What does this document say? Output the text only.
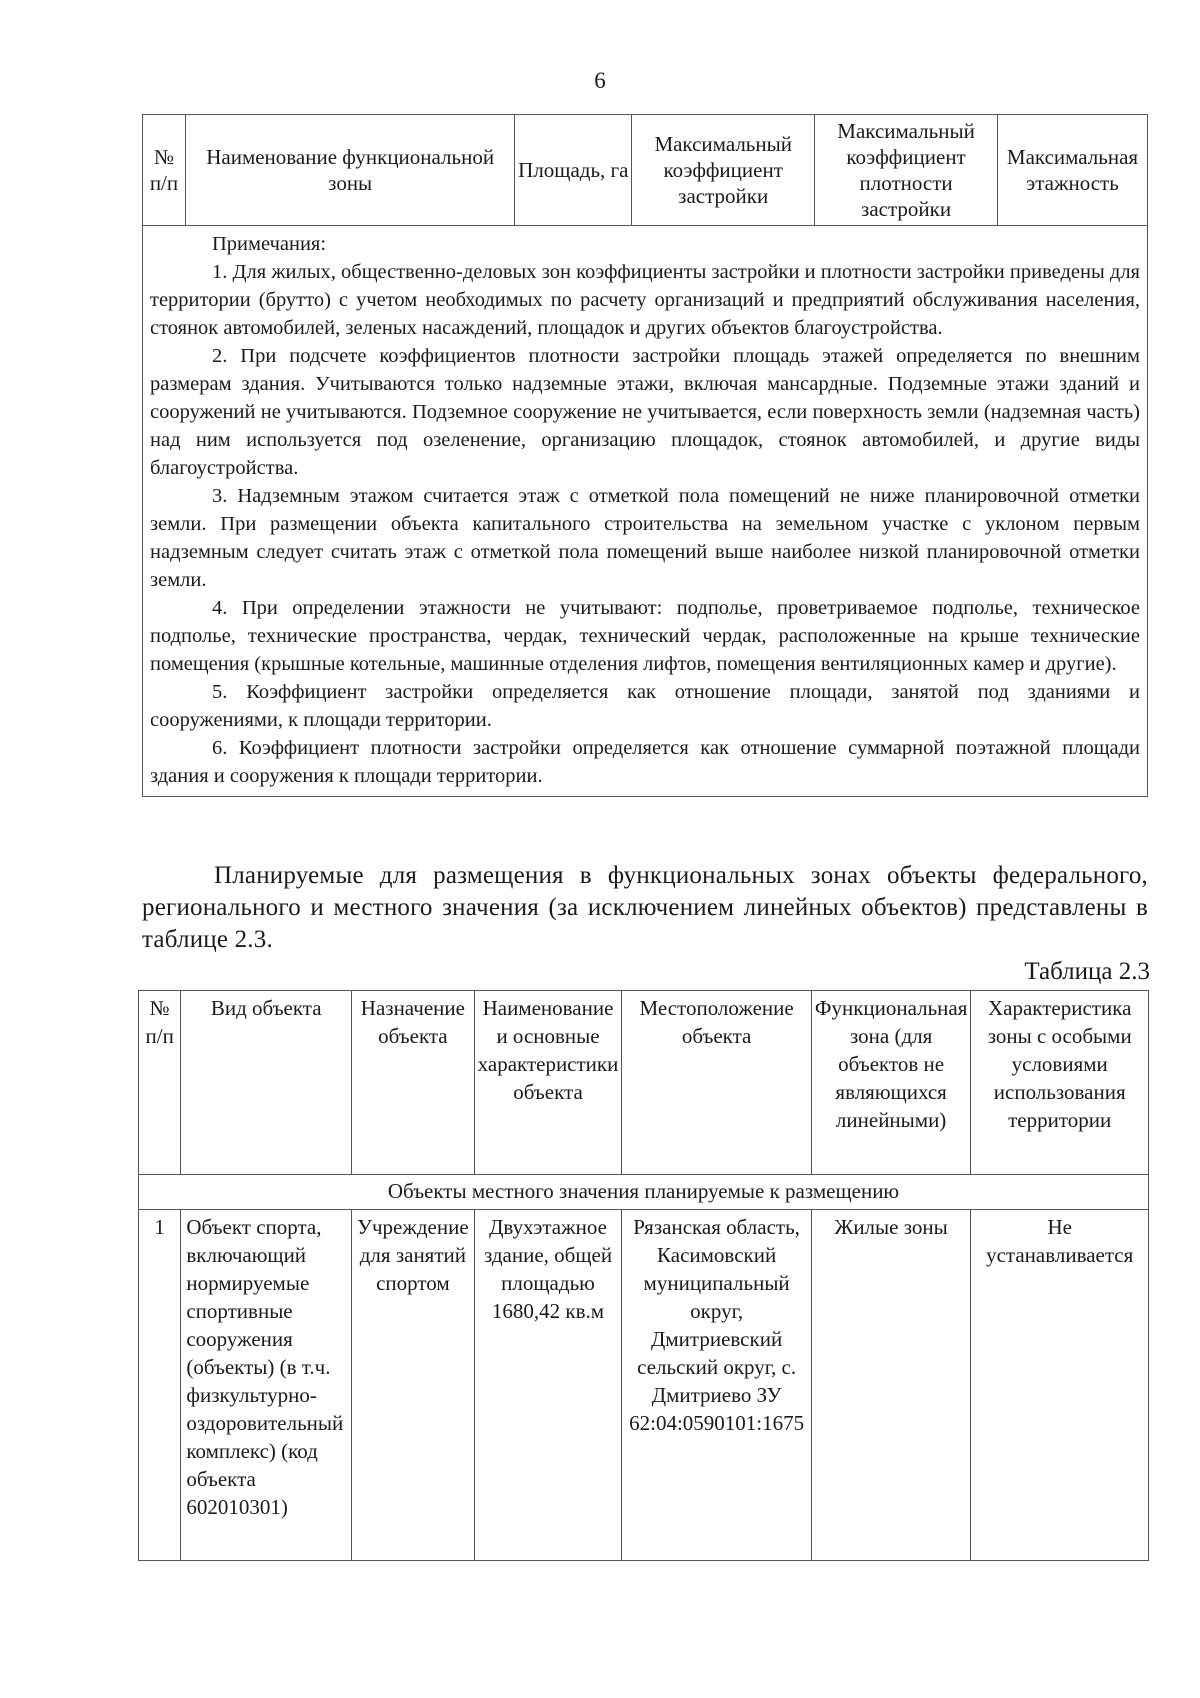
6
№ п/п	Наименование функциональной зоны	Площадь, га	Максимальный коэффициент застройки	Максимальный коэффициент плотности застройки	Максимальная этажность

Примечания:
1. Для жилых, общественно-деловых зон коэффициенты застройки и плотности застройки приведены для территории (брутто) с учетом необходимых по расчету организаций и предприятий обслуживания населения, стоянок автомобилей, зеленых насаждений, площадок и других объектов благоустройства.
2. При подсчете коэффициентов плотности застройки площадь этажей определяется по внешним размерам здания. Учитываются только надземные этажи, включая мансардные. Подземные этажи зданий и сооружений не учитываются. Подземное сооружение не учитывается, если поверхность земли (надземная часть) над ним используется под озеленение, организацию площадок, стоянок автомобилей, и другие виды благоустройства.
3. Надземным этажом считается этаж с отметкой пола помещений не ниже планировочной отметки земли. При размещении объекта капитального строительства на земельном участке с уклоном первым надземным следует считать этаж с отметкой пола помещений выше наиболее низкой планировочной отметки земли.
4. При определении этажности не учитывают: подполье, проветриваемое подполье, техническое подполье, технические пространства, чердак, технический чердак, расположенные на крыше технические помещения (крышные котельные, машинные отделения лифтов, помещения вентиляционных камер и другие).
5. Коэффициент застройки определяется как отношение площади, занятой под зданиями и сооружениями, к площади территории.
6. Коэффициент плотности застройки определяется как отношение суммарной поэтажной площади здания и сооружения к площади территории.
Планируемые для размещения в функциональных зонах объекты федерального, регионального и местного значения (за исключением линейных объектов) представлены в таблице 2.3.
Таблица 2.3
№ п/п	Вид объекта	Назначение объекта	Наименование и основные характеристики объекта	Местоположение объекта	Функциональная зона (для объектов не являющихся линейными)	Характеристика зоны с особыми условиями использования территории
Объекты местного значения планируемые к размещению						
1	Объект спорта, включающий нормируемые спортивные сооружения (объекты) (в т.ч. физкультурно-оздоровительный комплекс) (код объекта 602010301)	Учреждение для занятий спортом	Двухэтажное здание, общей площадью 1680,42 кв.м	Рязанская область, Касимовский муниципальный округ, Дмитриевский сельский округ, с. Дмитриево ЗУ 62:04:0590101:1675	Жилые зоны	Не устанавливается
